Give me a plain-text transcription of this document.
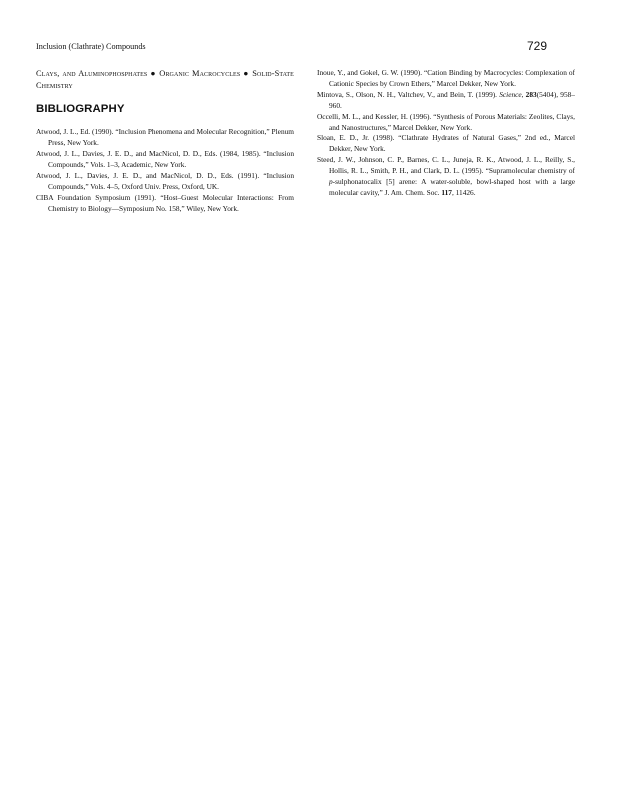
Inclusion (Clathrate) Compounds	729

Clays, and Aluminophosphates ● Organic Macrocycles ● Solid-State Chemistry

BIBLIOGRAPHY

Atwood, J. L., Ed. (1990). “Inclusion Phenomena and Molecular Recognition,” Plenum Press, New York.

Atwood, J. L., Davies, J. E. D., and MacNicol, D. D., Eds. (1984, 1985). “Inclusion Compounds,” Vols. 1–3, Academic, New York.

Atwood, J. L., Davies, J. E. D., and MacNicol, D. D., Eds. (1991). “Inclusion Compounds,” Vols. 4–5, Oxford Univ. Press, Oxford, UK.

CIBA Foundation Symposium (1991). “Host–Guest Molecular Interactions: From Chemistry to Biology—Symposium No. 158,” Wiley, New York.

Inoue, Y., and Gokel, G. W. (1990). “Cation Binding by Macrocycles: Complexation of Cationic Species by Crown Ethers,” Marcel Dekker, New York.

Mintova, S., Olson, N. H., Valtchev, V., and Bein, T. (1999). Science, 283(5404), 958–960.

Occelli, M. L., and Kessler, H. (1996). “Synthesis of Porous Materials: Zeolites, Clays, and Nanostructures,” Marcel Dekker, New York.

Sloan, E. D., Jr. (1998). “Clathrate Hydrates of Natural Gases,” 2nd ed., Marcel Dekker, New York.

Steed, J. W., Johnson, C. P., Barnes, C. L., Juneja, R. K., Atwood, J. L., Reilly, S., Hollis, R. L., Smith, P. H., and Clark, D. L. (1995). “Supramolecular chemistry of p-sulphonatocalix [5] arene: A water-soluble, bowl-shaped host with a large molecular cavity,” J. Am. Chem. Soc. 117, 11426.
